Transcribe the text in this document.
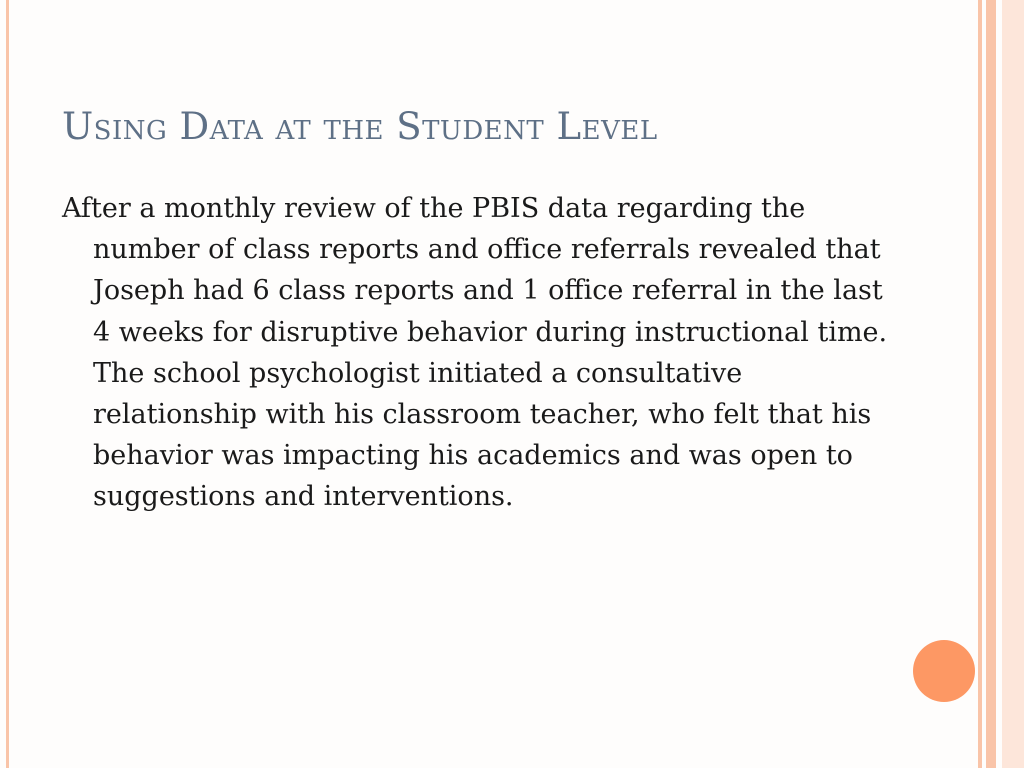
Using Data at the Student Level

After a monthly review of the PBIS data regarding the number of class reports and office referrals revealed that Joseph had 6 class reports and 1 office referral in the last 4 weeks for disruptive behavior during instructional time. The school psychologist initiated a consultative relationship with his classroom teacher, who felt that his behavior was impacting his academics and was open to suggestions and interventions.
